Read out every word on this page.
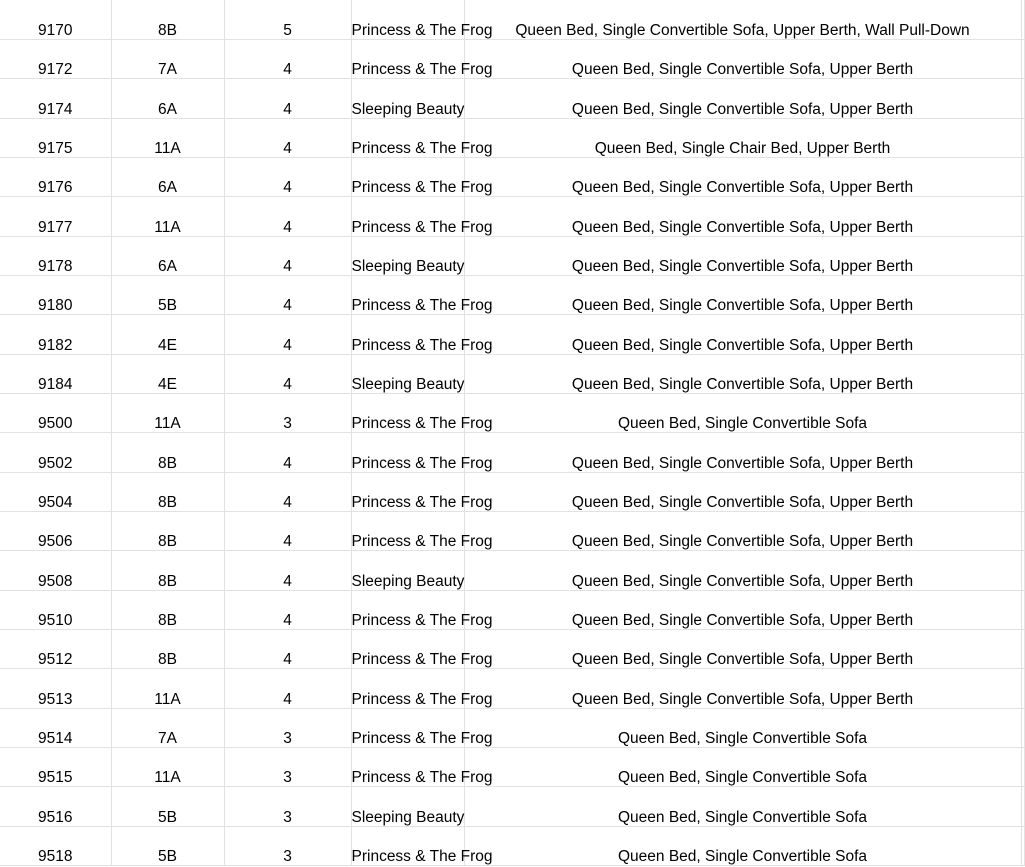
9170	8B	5	Princess & The Frog	Queen Bed, Single Convertible Sofa, Upper Berth, Wall Pull-Down	
9172	7A	4	Princess & The Frog	Queen Bed, Single Convertible Sofa, Upper Berth	
9174	6A	4	Sleeping Beauty	Queen Bed, Single Convertible Sofa, Upper Berth	
9175	11A	4	Princess & The Frog	Queen Bed, Single Chair Bed, Upper Berth	
9176	6A	4	Princess & The Frog	Queen Bed, Single Convertible Sofa, Upper Berth	
9177	11A	4	Princess & The Frog	Queen Bed, Single Convertible Sofa, Upper Berth	
9178	6A	4	Sleeping Beauty	Queen Bed, Single Convertible Sofa, Upper Berth	
9180	5B	4	Princess & The Frog	Queen Bed, Single Convertible Sofa, Upper Berth	
9182	4E	4	Princess & The Frog	Queen Bed, Single Convertible Sofa, Upper Berth	
9184	4E	4	Sleeping Beauty	Queen Bed, Single Convertible Sofa, Upper Berth	
9500	11A	3	Princess & The Frog	Queen Bed, Single Convertible Sofa	
9502	8B	4	Princess & The Frog	Queen Bed, Single Convertible Sofa, Upper Berth	
9504	8B	4	Princess & The Frog	Queen Bed, Single Convertible Sofa, Upper Berth	
9506	8B	4	Princess & The Frog	Queen Bed, Single Convertible Sofa, Upper Berth	
9508	8B	4	Sleeping Beauty	Queen Bed, Single Convertible Sofa, Upper Berth	
9510	8B	4	Princess & The Frog	Queen Bed, Single Convertible Sofa, Upper Berth	
9512	8B	4	Princess & The Frog	Queen Bed, Single Convertible Sofa, Upper Berth	
9513	11A	4	Princess & The Frog	Queen Bed, Single Convertible Sofa, Upper Berth	
9514	7A	3	Princess & The Frog	Queen Bed, Single Convertible Sofa	
9515	11A	3	Princess & The Frog	Queen Bed, Single Convertible Sofa	
9516	5B	3	Sleeping Beauty	Queen Bed, Single Convertible Sofa	
9518	5B	3	Princess & The Frog	Queen Bed, Single Convertible Sofa	
